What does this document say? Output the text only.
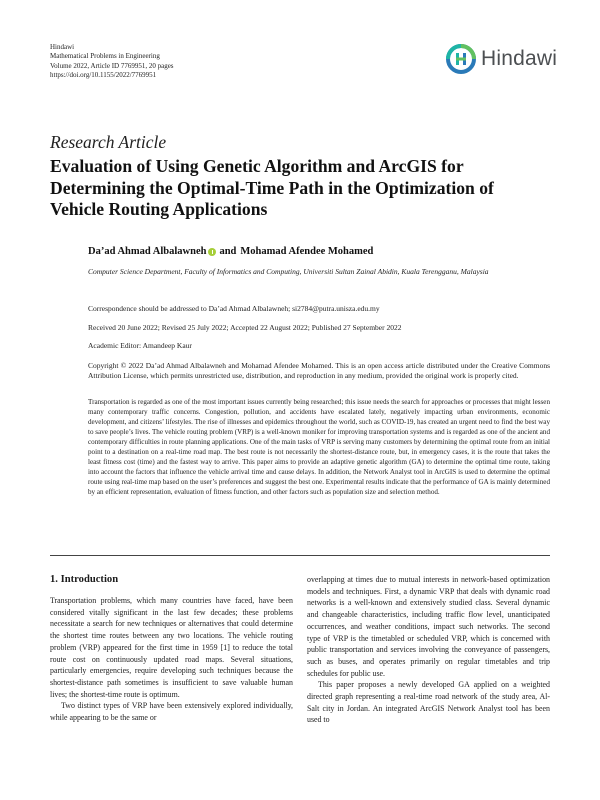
Hindawi
Mathematical Problems in Engineering
Volume 2022, Article ID 7769951, 20 pages
https://doi.org/10.1155/2022/7769951
Hindawi
Research Article
Evaluation of Using Genetic Algorithm and ArcGIS for Determining the Optimal-Time Path in the Optimization of Vehicle Routing Applications
Da’ad Ahmad Albalawneh and Mohamad Afendee Mohamed
Computer Science Department, Faculty of Informatics and Computing, Universiti Sultan Zainal Abidin, Kuala Terengganu, Malaysia
Correspondence should be addressed to Da’ad Ahmad Albalawneh; si2784@putra.unisza.edu.my
Received 20 June 2022; Revised 25 July 2022; Accepted 22 August 2022; Published 27 September 2022
Academic Editor: Amandeep Kaur
Copyright © 2022 Da’ad Ahmad Albalawneh and Mohamad Afendee Mohamed. This is an open access article distributed under the Creative Commons Attribution License, which permits unrestricted use, distribution, and reproduction in any medium, provided the original work is properly cited.
Transportation is regarded as one of the most important issues currently being researched; this issue needs the search for approaches or processes that might lessen many contemporary traffic concerns. Congestion, pollution, and accidents have escalated lately, negatively impacting urban environments, economic development, and citizens’ lifestyles. The rise of illnesses and epidemics throughout the world, such as COVID-19, has created an urgent need to find the best way to save people’s lives. The vehicle routing problem (VRP) is a well-known moniker for improving transportation systems and is regarded as one of the ancient and contemporary difficulties in route planning applications. One of the main tasks of VRP is serving many customers by determining the optimal route from an initial point to a destination on a real-time road map. The best route is not necessarily the shortest-distance route, but, in emergency cases, it is the route that takes the least fitness cost (time) and the fastest way to arrive. This paper aims to provide an adaptive genetic algorithm (GA) to determine the optimal time route, taking into account the factors that influence the vehicle arrival time and cause delays. In addition, the Network Analyst tool in ArcGIS is used to determine the optimal route using real-time map based on the user’s preferences and suggest the best one. Experimental results indicate that the performance of GA is mainly determined by an efficient representation, evaluation of fitness function, and other factors such as population size and selection method.
1. Introduction

Transportation problems, which many countries have faced, have been considered vitally significant in the last few decades; these problems necessitate a search for new techniques or alternatives that could determine the shortest time routes between any two locations. The vehicle routing problem (VRP) appeared for the first time in 1959 [1] to reduce the total route cost on continuously updated road maps. Several situations, particularly emergencies, require developing such techniques because the shortest-distance path sometimes is insufficient to save valuable human lives; the shortest-time route is optimum.

Two distinct types of VRP have been extensively explored individually, while appearing to be the same or

overlapping at times due to mutual interests in network-based optimization models and techniques. First, a dynamic VRP that deals with dynamic road networks is a well-known and extensively studied class. Several dynamic and changeable characteristics, including traffic flow level, unanticipated occurrences, and weather conditions, impact such networks. The second type of VRP is the timetabled or scheduled VRP, which is concerned with public transportation and services involving the conveyance of passengers, such as buses, and operates primarily on regular timetables and trip schedules for public use.

This paper proposes a newly developed GA applied on a weighted directed graph representing a real-time road network of the study area, Al-Salt city in Jordan. An integrated ArcGIS Network Analyst tool has been used to
